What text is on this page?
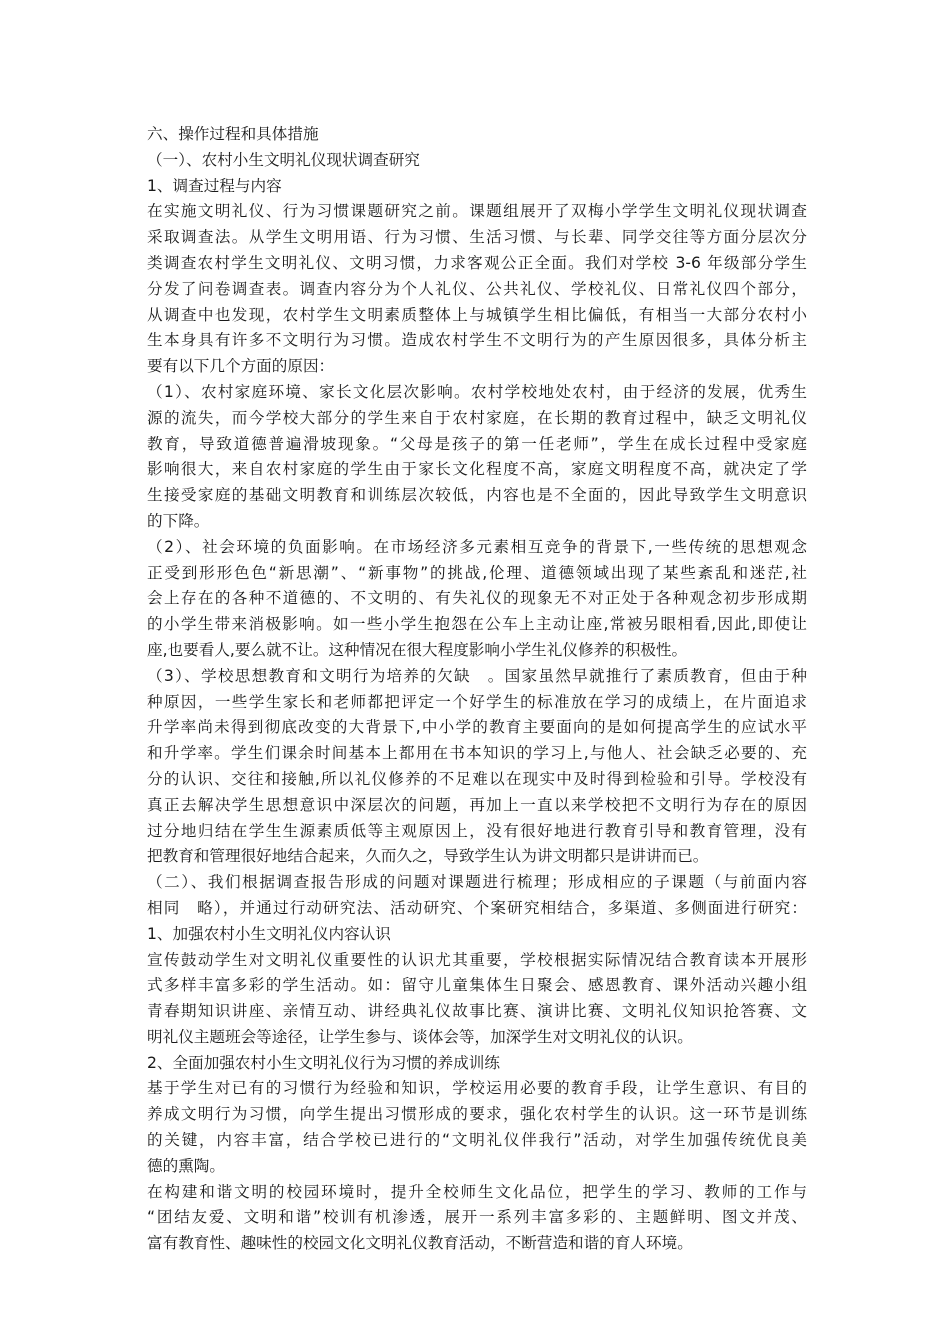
六、操作过程和具体措施
（一）、农村小生文明礼仪现状调查研究
1、调查过程与内容
在实施文明礼仪、行为习惯课题研究之前。课题组展开了双梅小学学生文明礼仪现状调查
采取调查法。从学生文明用语、行为习惯、生活习惯、与长辈、同学交往等方面分层次分
类调查农村学生文明礼仪、文明习惯，力求客观公正全面。我们对学校 3-6 年级部分学生
分发了问卷调查表。调查内容分为个人礼仪、公共礼仪、学校礼仪、日常礼仪四个部分，
从调查中也发现，农村学生文明素质整体上与城镇学生相比偏低，有相当一大部分农村小
生本身具有许多不文明行为习惯。造成农村学生不文明行为的产生原因很多，具体分析主
要有以下几个方面的原因：
（1）、农村家庭环境、家长文化层次影响。农村学校地处农村，由于经济的发展，优秀生
源的流失，而今学校大部分的学生来自于农村家庭，在长期的教育过程中，缺乏文明礼仪
教育，导致道德普遍滑坡现象。“父母是孩子的第一任老师”，学生在成长过程中受家庭
影响很大，来自农村家庭的学生由于家长文化程度不高，家庭文明程度不高，就决定了学
生接受家庭的基础文明教育和训练层次较低，内容也是不全面的，因此导致学生文明意识
的下降。
（2）、社会环境的负面影响。在市场经济多元素相互竞争的背景下,一些传统的思想观念
正受到形形色色“新思潮”、“新事物”的挑战,伦理、道德领域出现了某些紊乱和迷茫,社
会上存在的各种不道德的、不文明的、有失礼仪的现象无不对正处于各种观念初步形成期
的小学生带来消极影响。如一些小学生抱怨在公车上主动让座,常被另眼相看,因此,即使让
座,也要看人,要么就不让。这种情况在很大程度影响小学生礼仪修养的积极性。
（3）、学校思想教育和文明行为培养的欠缺　。国家虽然早就推行了素质教育，但由于种
种原因，一些学生家长和老师都把评定一个好学生的标准放在学习的成绩上，在片面追求
升学率尚未得到彻底改变的大背景下,中小学的教育主要面向的是如何提高学生的应试水平
和升学率。学生们课余时间基本上都用在书本知识的学习上,与他人、社会缺乏必要的、充
分的认识、交往和接触,所以礼仪修养的不足难以在现实中及时得到检验和引导。学校没有
真正去解决学生思想意识中深层次的问题，再加上一直以来学校把不文明行为存在的原因
过分地归结在学生生源素质低等主观原因上，没有很好地进行教育引导和教育管理，没有
把教育和管理很好地结合起来，久而久之，导致学生认为讲文明都只是讲讲而已。
（二）、我们根据调查报告形成的问题对课题进行梳理；形成相应的子课题（与前面内容
相同　略），并通过行动研究法、活动研究、个案研究相结合，多渠道、多侧面进行研究：
1、加强农村小生文明礼仪内容认识
宣传鼓动学生对文明礼仪重要性的认识尤其重要，学校根据实际情况结合教育读本开展形
式多样丰富多彩的学生活动。如：留守儿童集体生日聚会、感恩教育、课外活动兴趣小组
青春期知识讲座、亲情互动、讲经典礼仪故事比赛、演讲比赛、文明礼仪知识抢答赛、文
明礼仪主题班会等途径，让学生参与、谈体会等，加深学生对文明礼仪的认识。
2、全面加强农村小生文明礼仪行为习惯的养成训练
基于学生对已有的习惯行为经验和知识，学校运用必要的教育手段，让学生意识、有目的
养成文明行为习惯，向学生提出习惯形成的要求，强化农村学生的认识。这一环节是训练
的关键，内容丰富，结合学校已进行的“文明礼仪伴我行”活动，对学生加强传统优良美
德的熏陶。
在构建和谐文明的校园环境时，提升全校师生文化品位，把学生的学习、教师的工作与
“团结友爱、文明和谐”校训有机渗透，展开一系列丰富多彩的、主题鲜明、图文并茂、
富有教育性、趣味性的校园文化文明礼仪教育活动，不断营造和谐的育人环境。
